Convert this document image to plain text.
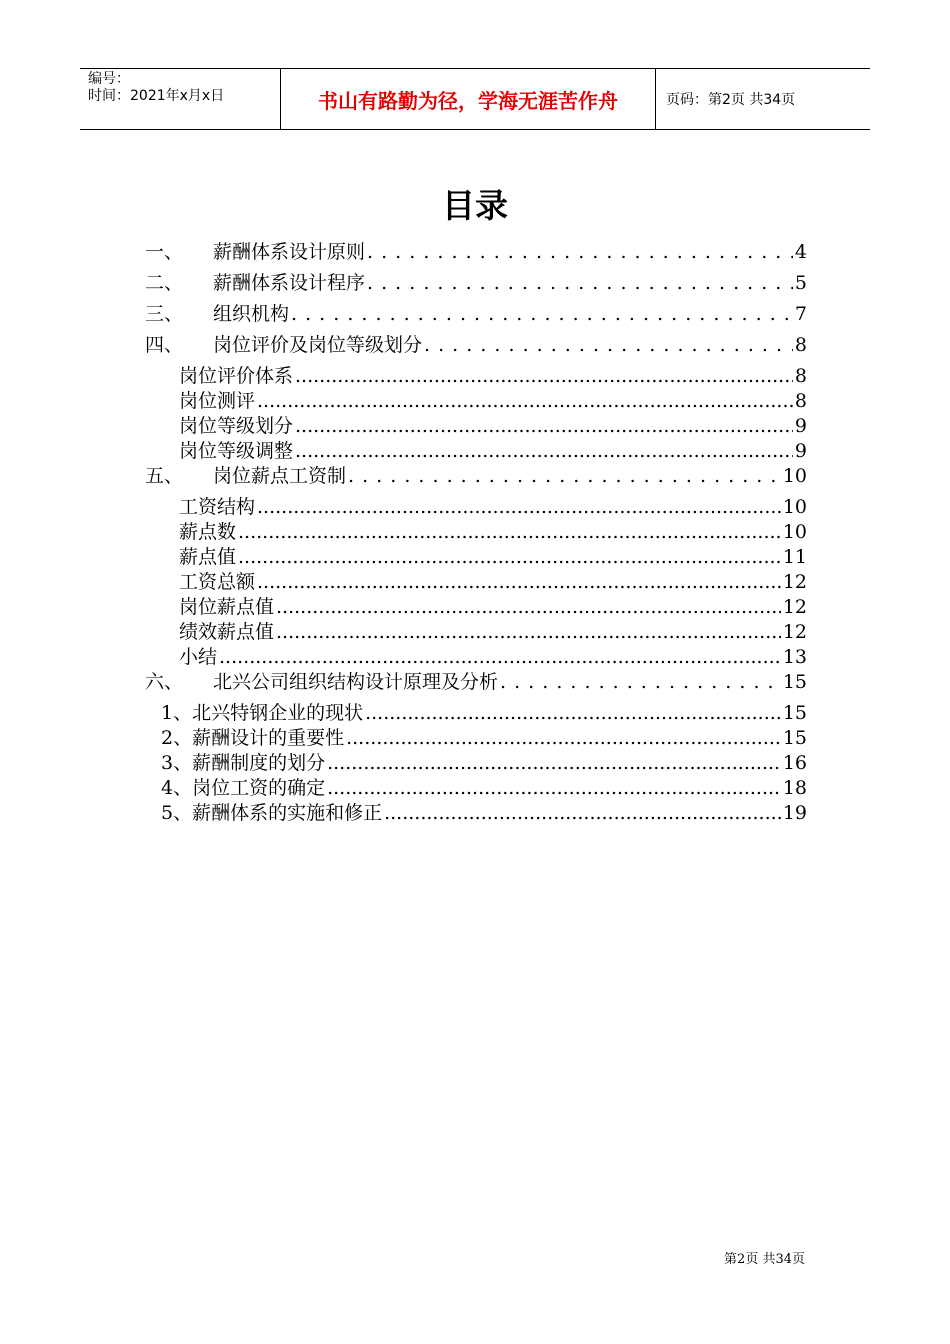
编号：
时间：2021年x月x日	书山有路勤为径，学海无涯苦作舟	页码：第2页 共34页
目录
一、	薪酬体系设计原则 . . .	4
二、	薪酬体系设计程序 . . .	5
三、	组织机构 . . .	7
四、	岗位评价及岗位等级划分 . . .	8
岗位评价体系 .....	8
岗位测评 .....	8
岗位等级划分 .....	9
岗位等级调整 .....	9
五、	岗位薪点工资制 . . .	10
工资结构 .....	10
薪点数 .....	10
薪点值 .....	11
工资总额 .....	12
岗位薪点值 .....	12
绩效薪点值 .....	12
小结 .....	13
六、	北兴公司组织结构设计原理及分析 . . .	15
1、北兴特钢企业的现状 .....	15
2、薪酬设计的重要性 .....	15
3、薪酬制度的划分 .....	16
4、岗位工资的确定 .....	18
5、薪酬体系的实施和修正 .....	19
第2页 共34页
